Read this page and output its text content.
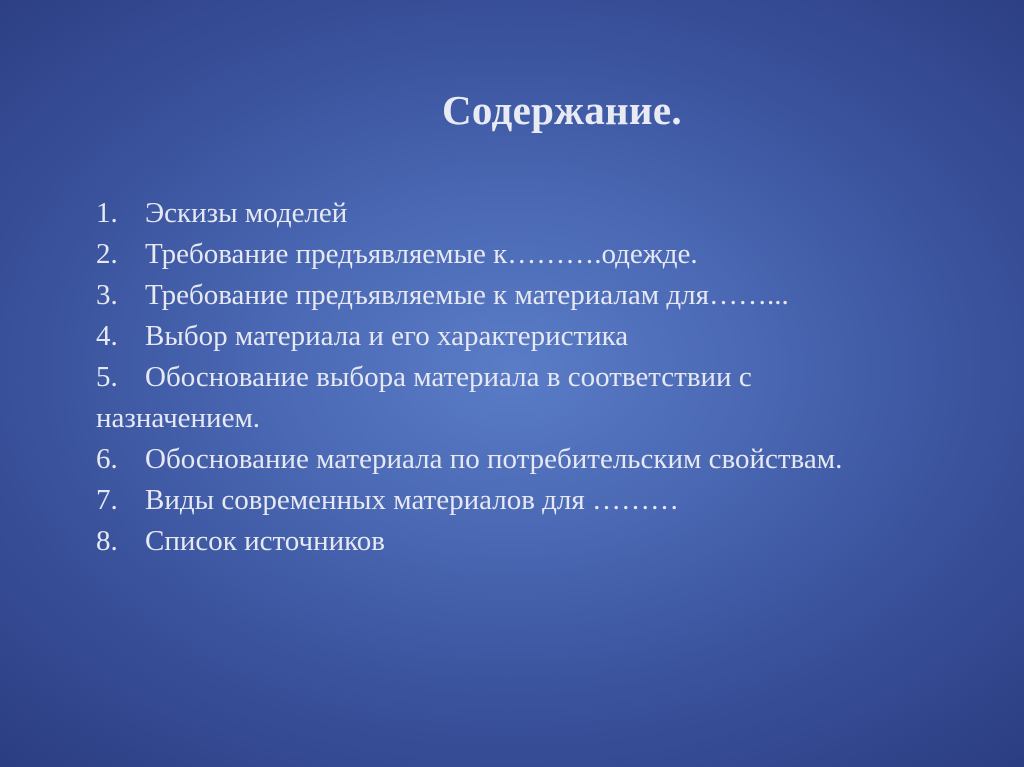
Содержание.
1. Эскизы моделей
2. Требование предъявляемые к……….одежде.
3. Требование предъявляемые к материалам для……...
4. Выбор материала и его характеристика
5. Обоснование выбора материала в соответствии с
назначением.
6. Обоснование материала по потребительским свойствам.
7. Виды современных материалов для ………
8. Список источников
